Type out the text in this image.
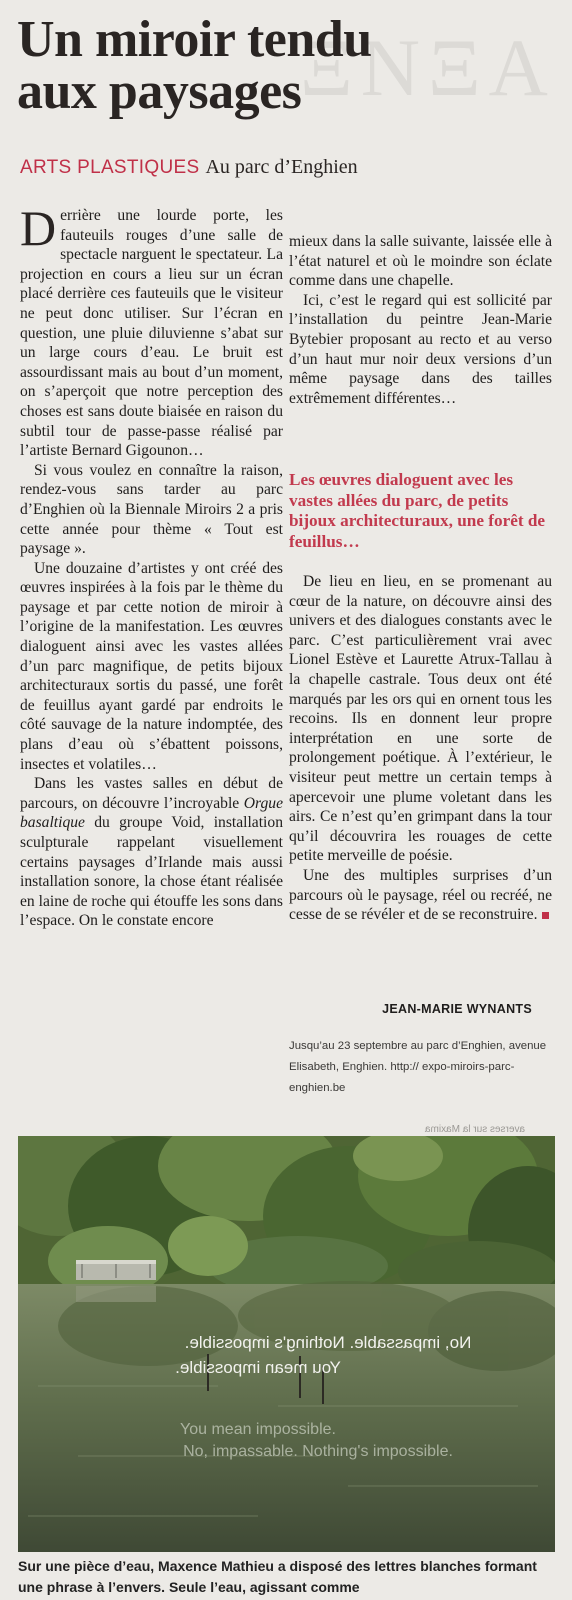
ΞΝΞΑ
Un miroir tendu
aux paysages
ARTS PLASTIQUES Au parc d’Enghien

Derrière une lourde porte, les fauteuils rouges d’une salle de spectacle narguent le spectateur. La projection en cours a lieu sur un écran placé derrière ces fauteuils que le visiteur ne peut donc utiliser. Sur l’écran en question, une pluie diluvienne s’abat sur un large cours d’eau. Le bruit est assourdissant mais au bout d’un moment, on s’aperçoit que notre perception des choses est sans doute biaisée en raison du subtil tour de passe-passe réalisé par l’artiste Bernard Gigounon…

Si vous voulez en connaître la raison, rendez-vous sans tarder au parc d’Enghien où la Biennale Miroirs 2 a pris cette année pour thème « Tout est paysage ».

Une douzaine d’artistes y ont créé des œuvres inspirées à la fois par le thème du paysage et par cette notion de miroir à l’origine de la manifestation. Les œuvres dialoguent ainsi avec les vastes allées d’un parc magnifique, de petits bijoux architecturaux sortis du passé, une forêt de feuillus ayant gardé par endroits le côté sauvage de la nature indomptée, des plans d’eau où s’ébattent poissons, insectes et volatiles…

Dans les vastes salles en début de parcours, on découvre l’incroyable Orgue basaltique du groupe Void, installation sculpturale rappelant visuellement certains paysages d’Irlande mais aussi installation sonore, la chose étant réalisée en laine de roche qui étouffe les sons dans l’espace. On le constate encore

mieux dans la salle suivante, laissée elle à l’état naturel et où le moindre son éclate comme dans une chapelle.

Ici, c’est le regard qui est sollicité par l’installation du peintre Jean-Marie Bytebier proposant au recto et au verso d’un haut mur noir deux versions d’un même paysage dans des tailles extrêmement différentes…

Les œuvres dialoguent avec les vastes allées du parc, de petits bijoux architecturaux, une forêt de feuillus…

De lieu en lieu, en se promenant au cœur de la nature, on découvre ainsi des univers et des dialogues constants avec le parc. C’est particulièrement vrai avec Lionel Estève et Laurette Atrux-Tallau à la chapelle castrale. Tous deux ont été marqués par les ors qui en ornent tous les recoins. Ils en donnent leur propre interprétation en une sorte de prolongement poétique. À l’extérieur, le visiteur peut mettre un certain temps à apercevoir une plume voletant dans les airs. Ce n’est qu’en grimpant dans la tour qu’il découvrira les rouages de cette petite merveille de poésie.

Une des multiples surprises d’un parcours où le paysage, réel ou recréé, ne cesse de se révéler et de se reconstruire.

JEAN-MARIE WYNANTS
Jusqu’au 23 septembre au parc d’Enghien, avenue Elisabeth, Enghien. http:// expo-miroirs-parc-enghien.be
averses sur la Maxima
No, impassable. Nothing's impossible.
You mean impossible.
You mean impossible.
No, impassable. Nothing's impossible.
Sur une pièce d’eau, Maxence Mathieu a disposé des lettres blanches formant une phrase à l’envers. Seule l’eau, agissant comme
